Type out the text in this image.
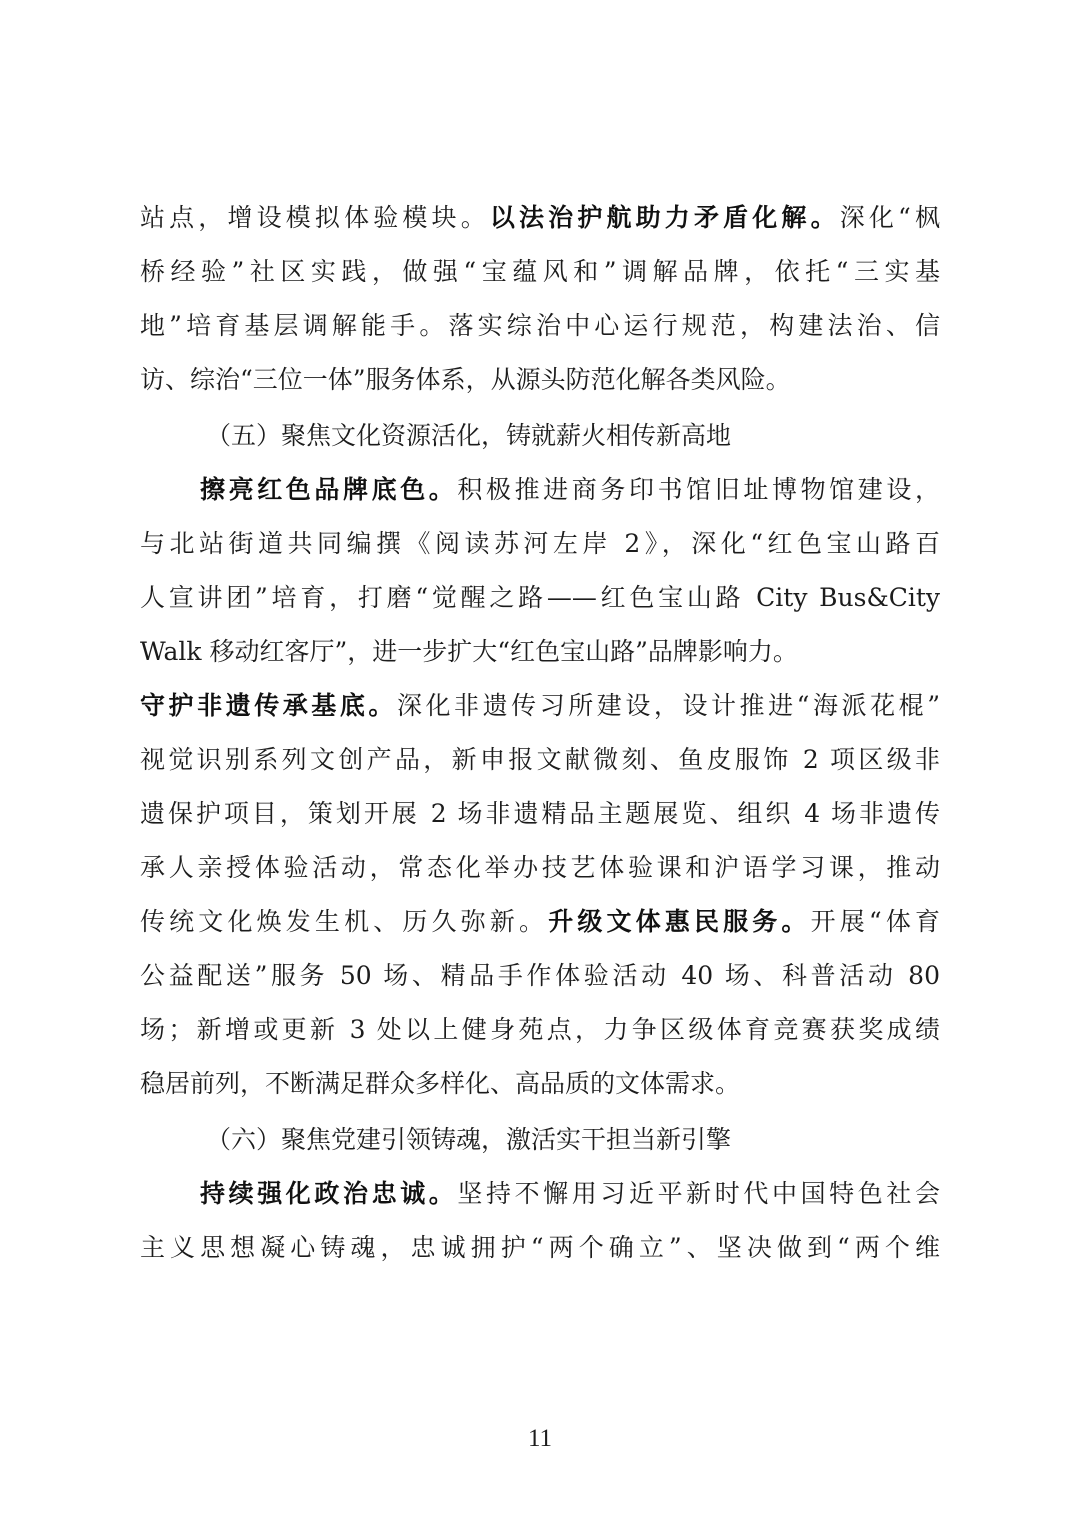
站点，增设模拟体验模块。以法治护航助力矛盾化解。深化“枫
桥经验”社区实践，做强“宝蕴风和”调解品牌，依托“三实基
地”培育基层调解能手。落实综治中心运行规范，构建法治、信
访、综治“三位一体”服务体系，从源头防范化解各类风险。
（五）聚焦文化资源活化，铸就薪火相传新高地
擦亮红色品牌底色。积极推进商务印书馆旧址博物馆建设，
与北站街道共同编撰《阅读苏河左岸 2》，深化“红色宝山路百
人宣讲团”培育，打磨“觉醒之路——红色宝山路 City Bus&City
Walk 移动红客厅”，进一步扩大“红色宝山路”品牌影响力。
守护非遗传承基底。深化非遗传习所建设，设计推进“海派花棍”
视觉识别系列文创产品，新申报文献微刻、鱼皮服饰 2 项区级非
遗保护项目，策划开展 2 场非遗精品主题展览、组织 4 场非遗传
承人亲授体验活动，常态化举办技艺体验课和沪语学习课，推动
传统文化焕发生机、历久弥新。升级文体惠民服务。开展“体育
公益配送”服务 50 场、精品手作体验活动 40 场、科普活动 80
场；新增或更新 3 处以上健身苑点，力争区级体育竞赛获奖成绩
稳居前列，不断满足群众多样化、高品质的文体需求。
（六）聚焦党建引领铸魂，激活实干担当新引擎
持续强化政治忠诚。坚持不懈用习近平新时代中国特色社会
主义思想凝心铸魂，忠诚拥护“两个确立”、坚决做到“两个维
11
